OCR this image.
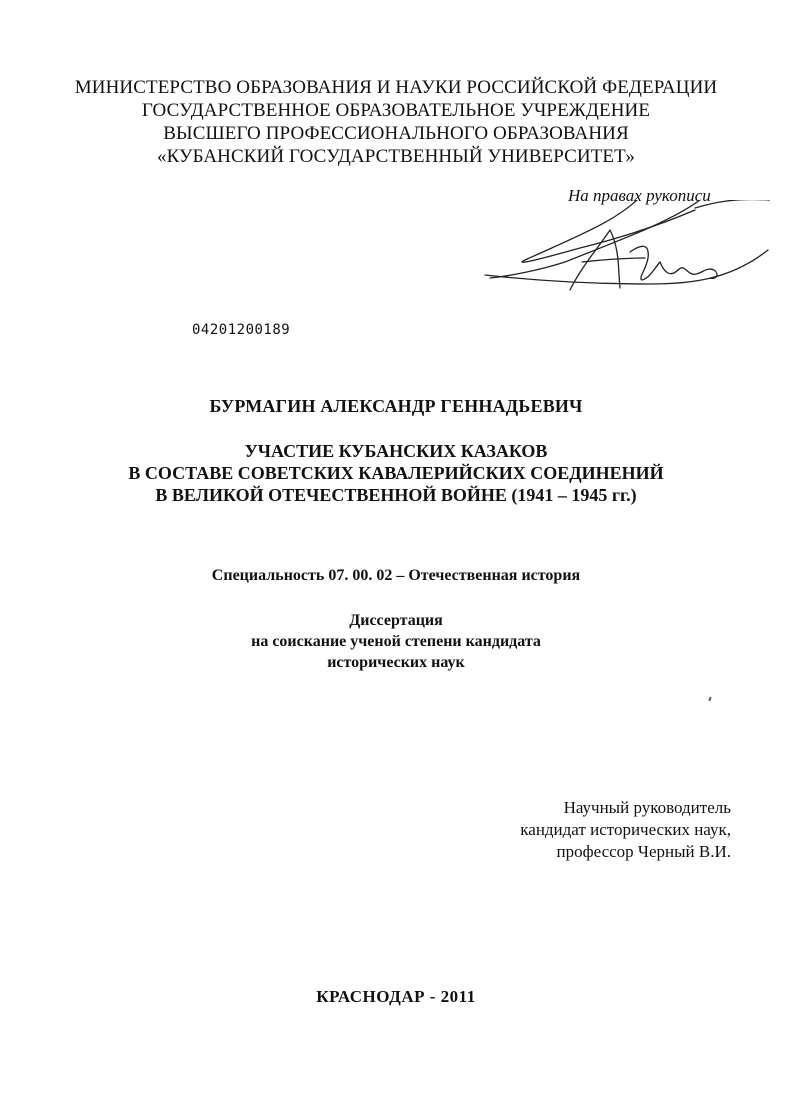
МИНИСТЕРСТВО ОБРАЗОВАНИЯ И НАУКИ РОССИЙСКОЙ ФЕДЕРАЦИИ
ГОСУДАРСТВЕННОЕ ОБРАЗОВАТЕЛЬНОЕ УЧРЕЖДЕНИЕ
ВЫСШЕГО ПРОФЕССИОНАЛЬНОГО ОБРАЗОВАНИЯ
«КУБАНСКИЙ ГОСУДАРСТВЕННЫЙ УНИВЕРСИТЕТ»
На правах рукописи
04201200189
БУРМАГИН АЛЕКСАНДР ГЕННАДЬЕВИЧ
УЧАСТИЕ КУБАНСКИХ КАЗАКОВ
В СОСТАВЕ СОВЕТСКИХ КАВАЛЕРИЙСКИХ СОЕДИНЕНИЙ
В ВЕЛИКОЙ ОТЕЧЕСТВЕННОЙ ВОЙНЕ (1941 – 1945 гг.)
Специальность 07. 00. 02 – Отечественная история
Диссертация
на соискание ученой степени кандидата
исторических наук
Научный руководитель
кандидат исторических наук,
профессор Черный В.И.
КРАСНОДАР - 2011
